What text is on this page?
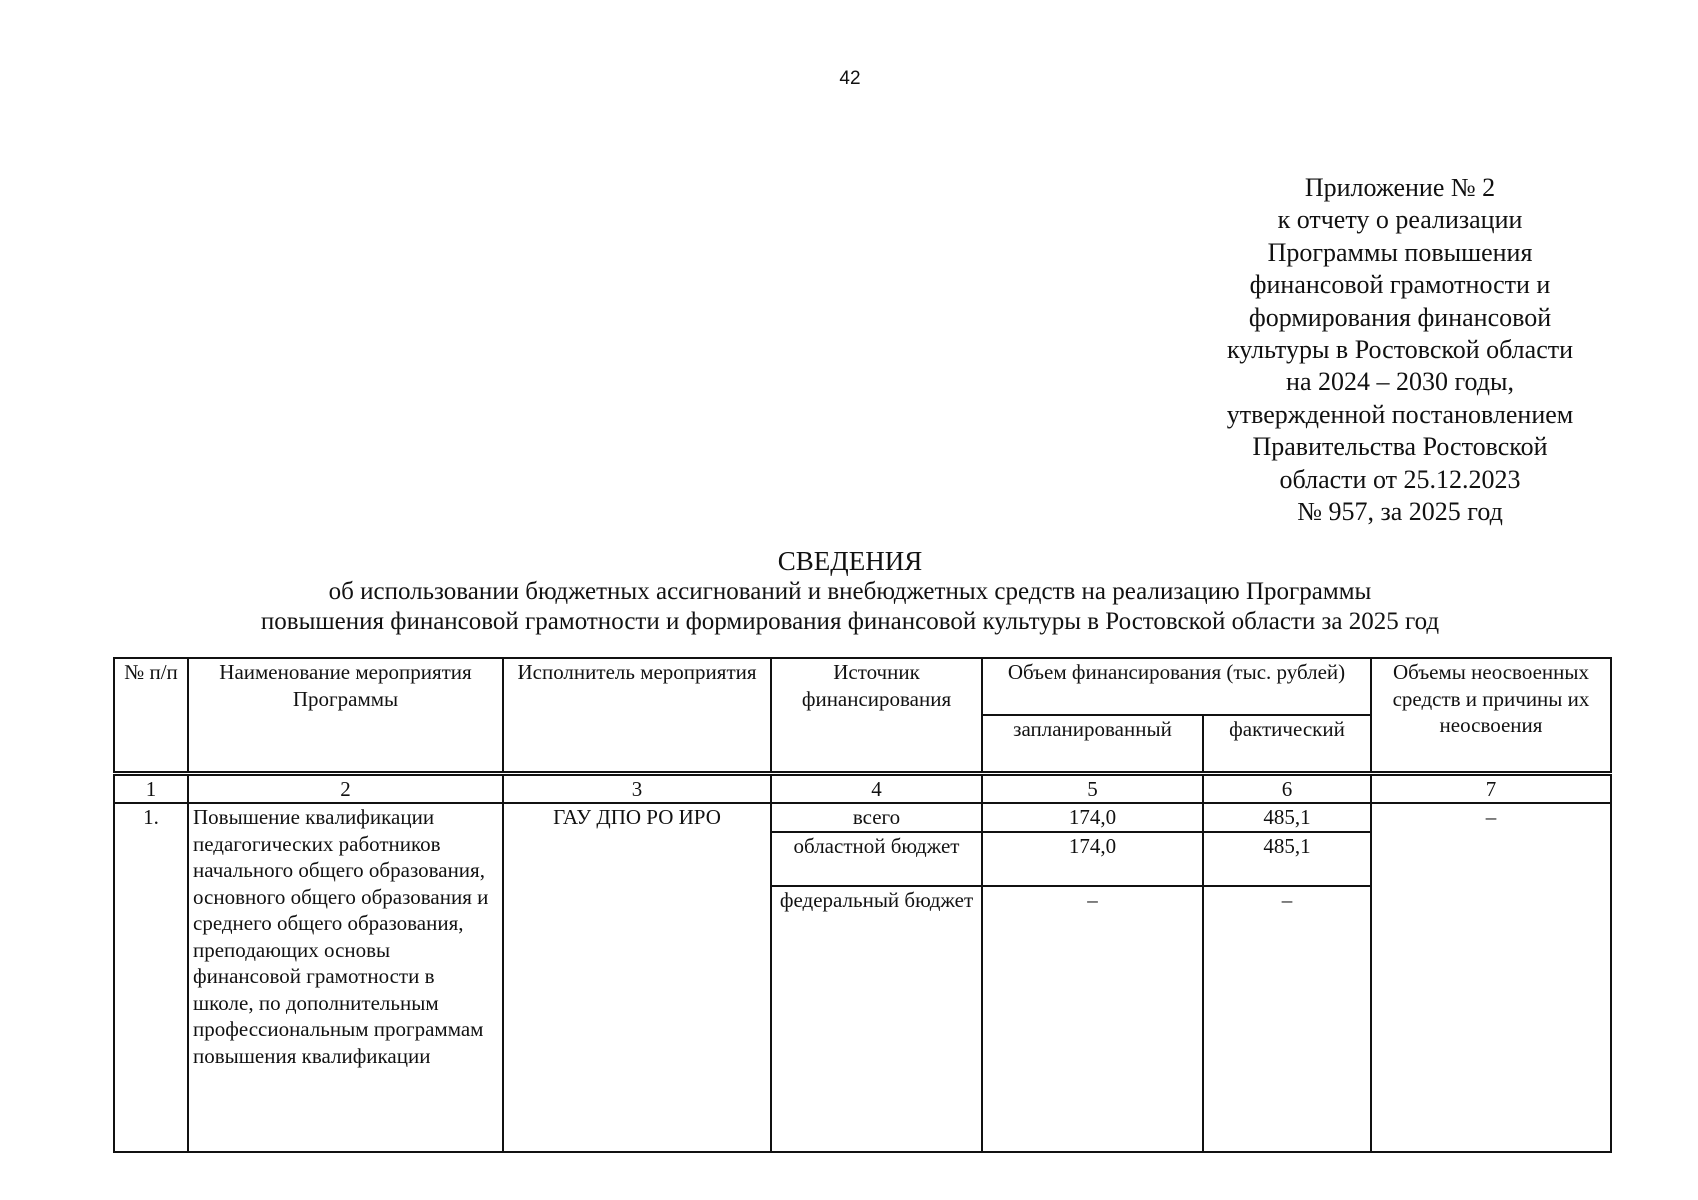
42
Приложение № 2
к отчету о реализации
Программы повышения
финансовой грамотности и
формирования финансовой
культуры в Ростовской области
на 2024 – 2030 годы,
утвержденной постановлением
Правительства Ростовской
области от 25.12.2023
№ 957, за 2025 год
СВЕДЕНИЯ
об использовании бюджетных ассигнований и внебюджетных средств на реализацию Программы
повышения финансовой грамотности и формирования финансовой культуры в Ростовской области за 2025 год
№ п/п	Наименование мероприятия Программы	Исполнитель мероприятия	Источник финансирования	Объем финансирования (тыс. рублей)		Объемы неосвоенных средств и причины их неосвоения
				запланированный	фактический	
1	2	3	4	5	6	7
1.	Повышение квалификации педагогических работников начального общего образования, основного общего образования и среднего общего образования, преподающих основы финансовой грамотности в школе, по дополнительным профессиональным программам повышения квалификации	ГАУ ДПО РО ИРО	всего	174,0	485,1	–
			областной бюджет	174,0	485,1	
			федеральный бюджет	–	–	
